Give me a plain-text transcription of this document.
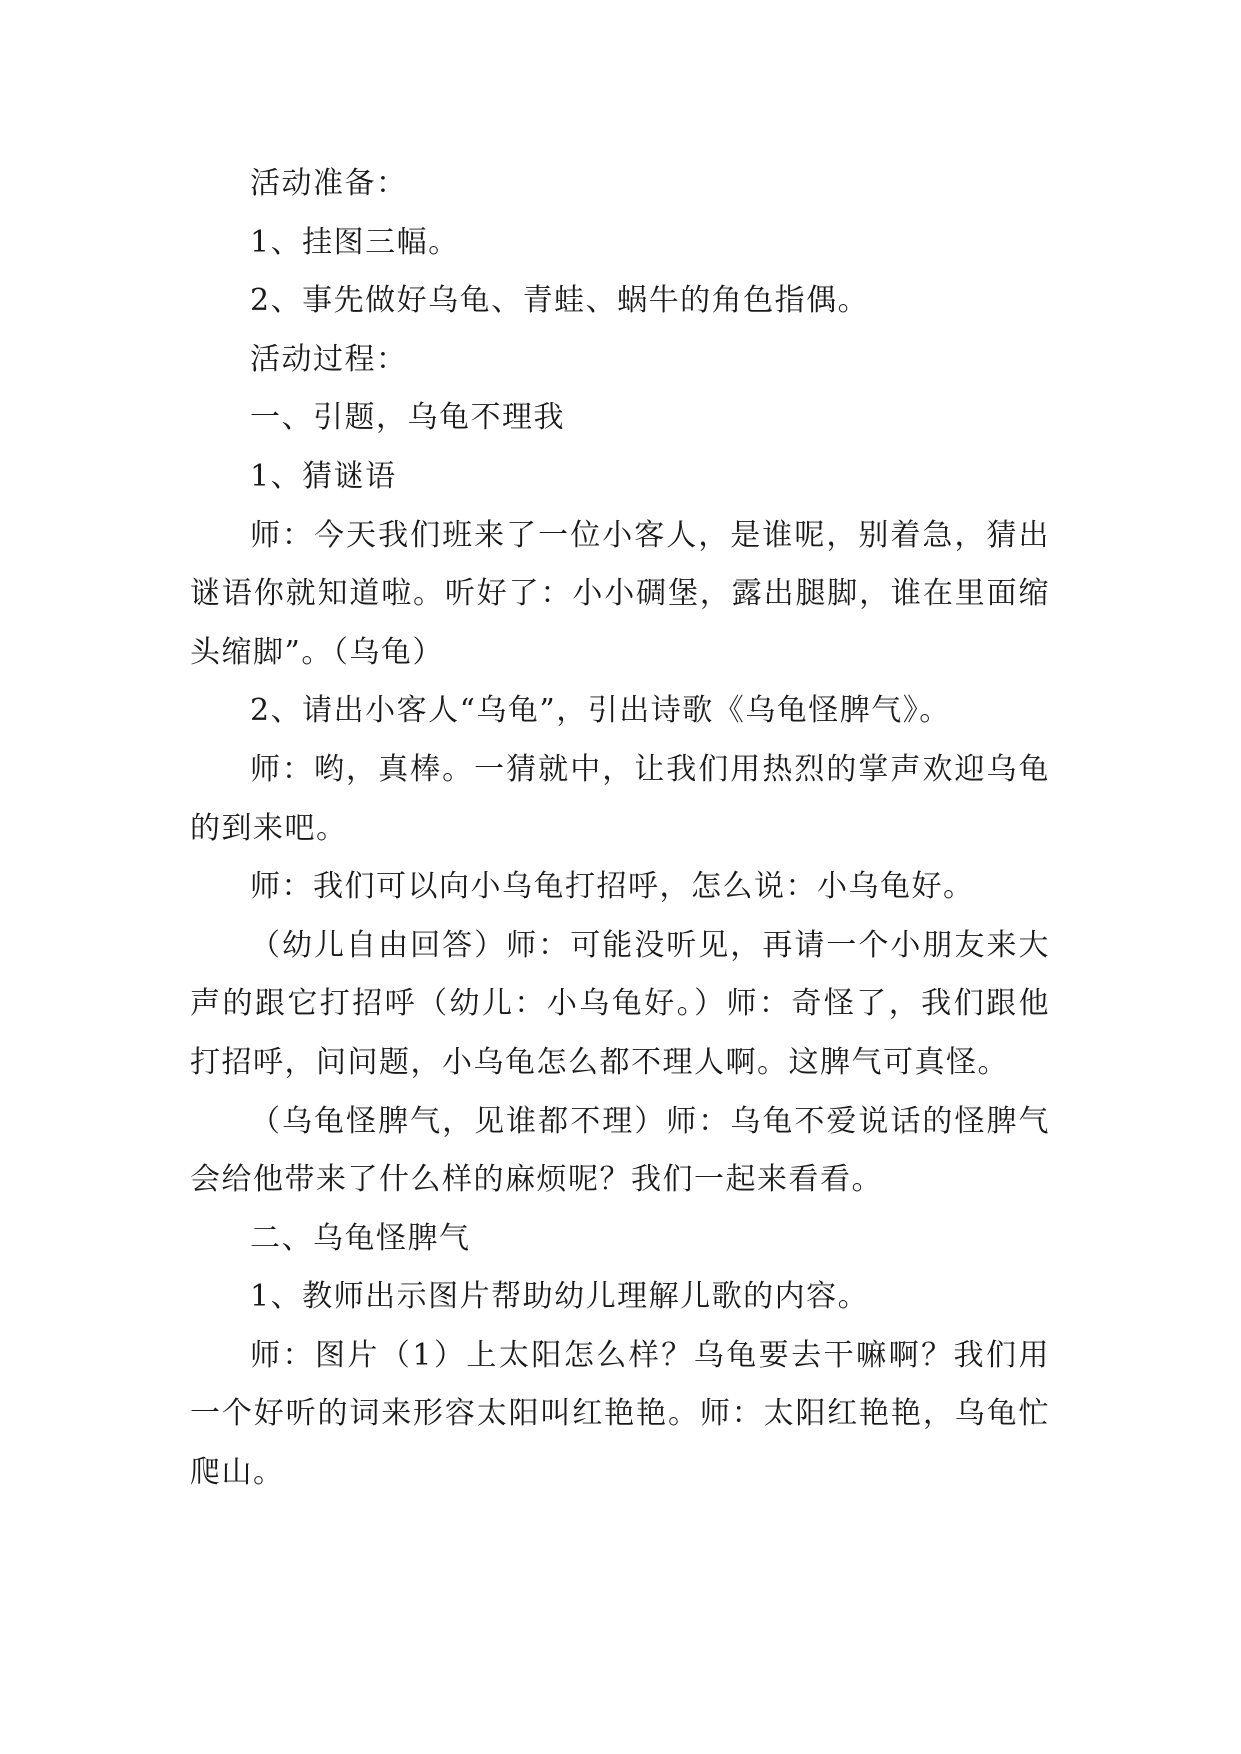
活动准备：

1、挂图三幅。

2、事先做好乌龟、青蛙、蜗牛的角色指偶。

活动过程：

一、引题，乌龟不理我

1、猜谜语

师：今天我们班来了一位小客人，是谁呢，别着急，猜出谜语你就知道啦。听好了：小小碉堡，露出腿脚，谁在里面缩头缩脚”。（乌龟）

2、请出小客人“乌龟”，引出诗歌《乌龟怪脾气》。

师：哟，真棒。一猜就中，让我们用热烈的掌声欢迎乌龟的到来吧。

师：我们可以向小乌龟打招呼，怎么说：小乌龟好。

（幼儿自由回答）师：可能没听见，再请一个小朋友来大声的跟它打招呼（幼儿：小乌龟好。）师：奇怪了，我们跟他打招呼，问问题，小乌龟怎么都不理人啊。这脾气可真怪。

（乌龟怪脾气，见谁都不理）师：乌龟不爱说话的怪脾气会给他带来了什么样的麻烦呢？我们一起来看看。

二、乌龟怪脾气

1、教师出示图片帮助幼儿理解儿歌的内容。

师：图片（1）上太阳怎么样？乌龟要去干嘛啊？我们用一个好听的词来形容太阳叫红艳艳。师：太阳红艳艳，乌龟忙爬山。
